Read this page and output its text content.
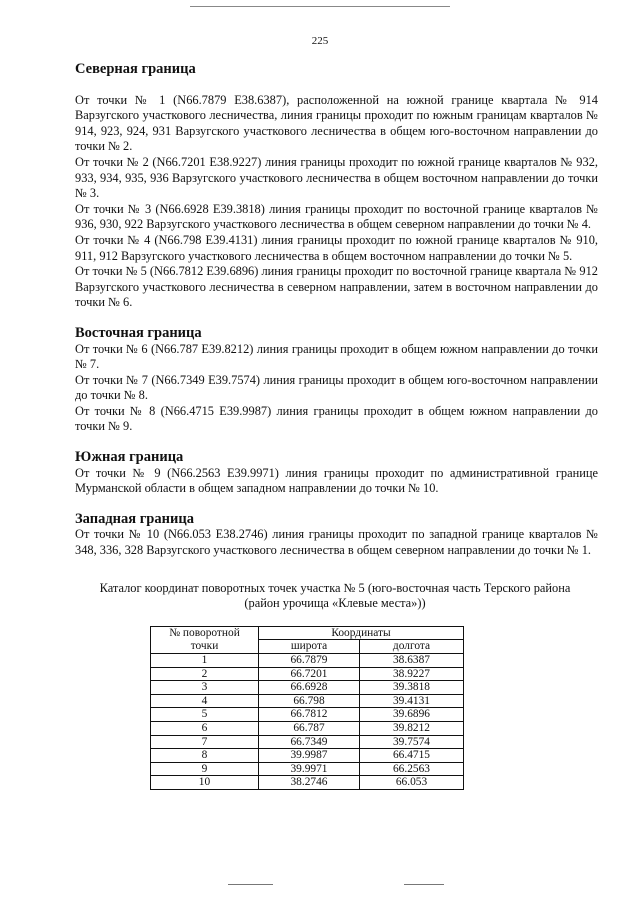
225
Северная граница

От точки № 1 (N66.7879 E38.6387), расположенной на южной границе квартала № 914 Варзугского участкового лесничества, линия границы проходит по южным границам кварталов № 914, 923, 924, 931 Варзугского участкового лесничества в общем юго-восточном направлении до точки № 2.

От точки № 2 (N66.7201 E38.9227) линия границы проходит по южной границе кварталов № 932, 933, 934, 935, 936 Варзугского участкового лесничества в общем восточном направлении до точки № 3.

От точки № 3 (N66.6928 E39.3818) линия границы проходит по восточной границе кварталов № 936, 930, 922 Варзугского участкового лесничества в общем северном направлении до точки № 4.

От точки № 4 (N66.798 E39.4131) линия границы проходит по южной границе кварталов № 910, 911, 912 Варзугского участкового лесничества в общем восточном направлении до точки № 5.

От точки № 5 (N66.7812 E39.6896) линия границы проходит по восточной границе квартала № 912 Варзугского участкового лесничества в северном направлении, затем в восточном направлении до точки № 6.

Восточная граница

От точки № 6 (N66.787 E39.8212) линия границы проходит в общем южном направлении до точки № 7.

От точки № 7 (N66.7349 E39.7574) линия границы проходит в общем юго-восточном направлении до точки № 8.

От точки № 8 (N66.4715 E39.9987) линия границы проходит в общем южном направлении до точки № 9.

Южная граница

От точки № 9 (N66.2563 E39.9971) линия границы проходит по административной границе Мурманской области в общем западном направлении до точки № 10.

Западная граница

От точки № 10 (N66.053 E38.2746) линия границы проходит по западной границе кварталов № 348, 336, 328 Варзугского участкового лесничества в общем северном направлении до точки № 1.

Каталог координат поворотных точек участка № 5 (юго-восточная часть Терского района
(район урочища «Клевые места»))
№ поворотной
точки	Координаты	
	широта	долгота
1	66.7879	38.6387
2	66.7201	38.9227
3	66.6928	39.3818
4	66.798	39.4131
5	66.7812	39.6896
6	66.787	39.8212
7	66.7349	39.7574
8	39.9987	66.4715
9	39.9971	66.2563
10	38.2746	66.053
